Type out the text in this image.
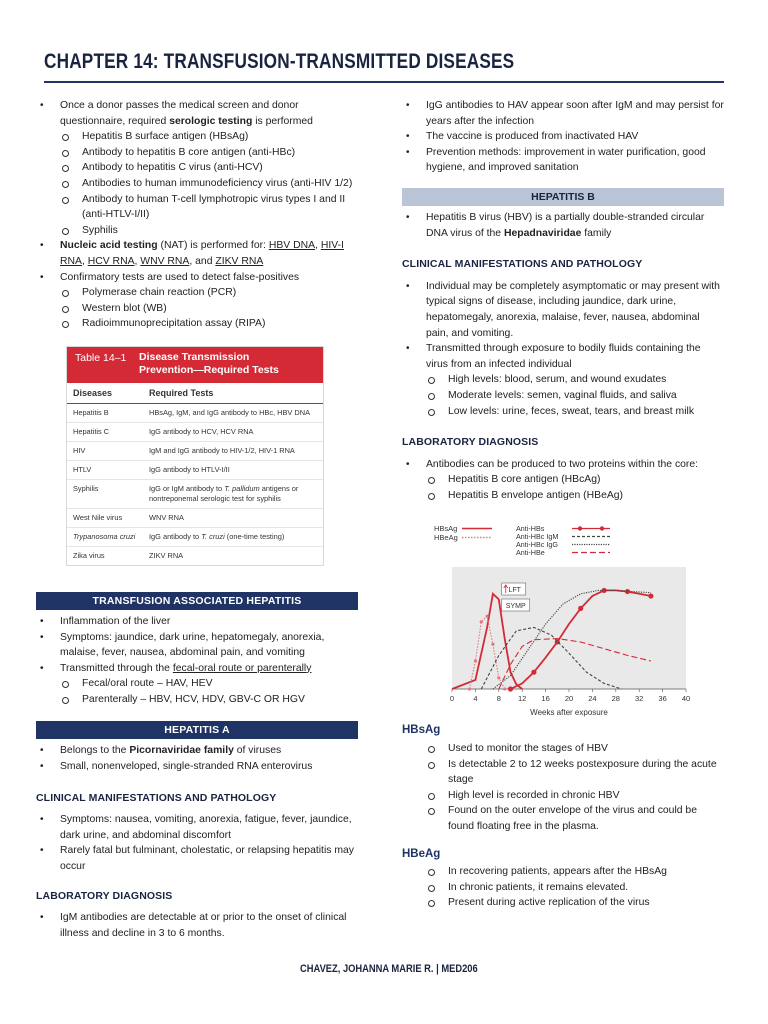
CHAPTER 14: TRANSFUSION-TRANSMITTED DISEASES
• Once a donor passes the medical screen and donor questionnaire, required serologic testing is performed
Hepatitis B surface antigen (HBsAg)
Antibody to hepatitis B core antigen (anti-HBc)
Antibody to hepatitis C virus (anti-HCV)
Antibodies to human immunodeficiency virus (anti-HIV 1/2)
Antibody to human T-cell lymphotropic virus types I and II (anti-HTLV-I/II)
Syphilis
• Nucleic acid testing (NAT) is performed for: HBV DNA, HIV-I RNA, HCV RNA, WNV RNA, and ZIKV RNA
• Confirmatory tests are used to detect false-positives
Polymerase chain reaction (PCR)
Western blot (WB)
Radioimmunoprecipitation assay (RIPA)
Table 14–1 Disease Transmission
Prevention—Required Tests
Diseases	Required Tests
Hepatitis B	HBsAg, IgM, and IgG antibody to HBc, HBV DNA
Hepatitis C	IgG antibody to HCV, HCV RNA
HIV	IgM and IgG antibody to HIV-1/2, HIV-1 RNA
HTLV	IgG antibody to HTLV-I/II
Syphilis	IgG or IgM antibody to T. pallidum antigens or nontreponemal serologic test for syphilis
West Nile virus	WNV RNA
Trypanosoma cruzi	IgG antibody to T. cruzi (one-time testing)
Zika virus	ZIKV RNA
TRANSFUSION ASSOCIATED HEPATITIS
• Inflammation of the liver
• Symptoms: jaundice, dark urine, hepatomegaly, anorexia, malaise, fever, nausea, abdominal pain, and vomiting
• Transmitted through the fecal-oral route or parenterally
Fecal/oral route – HAV, HEV
Parenterally – HBV, HCV, HDV, GBV-C OR HGV
HEPATITIS A
• Belongs to the Picornaviridae family of viruses
• Small, nonenveloped, single-stranded RNA enterovirus
CLINICAL MANIFESTATIONS AND PATHOLOGY
• Symptoms: nausea, vomiting, anorexia, fatigue, fever, jaundice, dark urine, and abdominal discomfort
• Rarely fatal but fulminant, cholestatic, or relapsing hepatitis may occur
LABORATORY DIAGNOSIS
• IgM antibodies are detectable at or prior to the onset of clinical illness and decline in 3 to 6 months.
• IgG antibodies to HAV appear soon after IgM and may persist for years after the infection
• The vaccine is produced from inactivated HAV
• Prevention methods: improvement in water purification, good hygiene, and improved sanitation
HEPATITIS B
• Hepatitis B virus (HBV) is a partially double-stranded circular DNA virus of the Hepadnaviridae family
CLINICAL MANIFESTATIONS AND PATHOLOGY
• Individual may be completely asymptomatic or may present with typical signs of disease, including jaundice, dark urine, hepatomegaly, anorexia, malaise, fever, nausea, abdominal pain, and vomiting.
• Transmitted through exposure to bodily fluids containing the virus from an infected individual
High levels: blood, serum, and wound exudates
Moderate levels: semen, vaginal fluids, and saliva
Low levels: urine, feces, sweat, tears, and breast milk
LABORATORY DIAGNOSIS
• Antibodies can be produced to two proteins within the core:
Hepatitis B core antigen (HBcAg)
Hepatitis B envelope antigen (HBeAg)
0	4	8 12 16 20 24 28 32 36 40
Weeks after exposure
HBsAg
HBeAg
Anti-HBs
Anti-HBc IgM
Anti-HBc IgG
Anti-HBe
LFT
SYMP
HBsAg
Used to monitor the stages of HBV
Is detectable 2 to 12 weeks postexposure during the acute stage
High level is recorded in chronic HBV
Found on the outer envelope of the virus and could be found floating free in the plasma.
HBeAg
In recovering patients, appears after the HBsAg
In chronic patients, it remains elevated.
Present during active replication of the virus
CHAVEZ, JOHANNA MARIE R. | MED206
